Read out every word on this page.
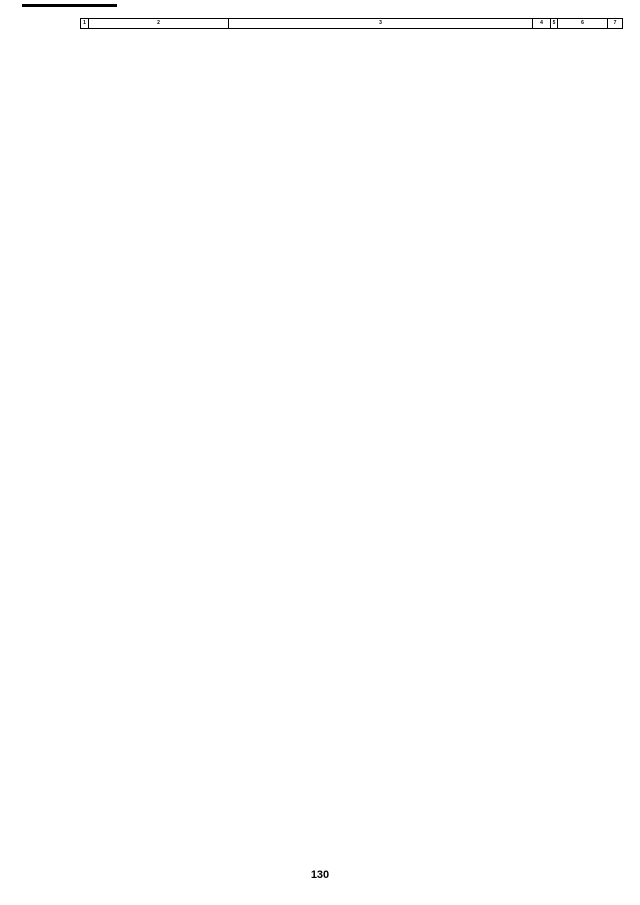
1	2	3	4	5	6	7
130
